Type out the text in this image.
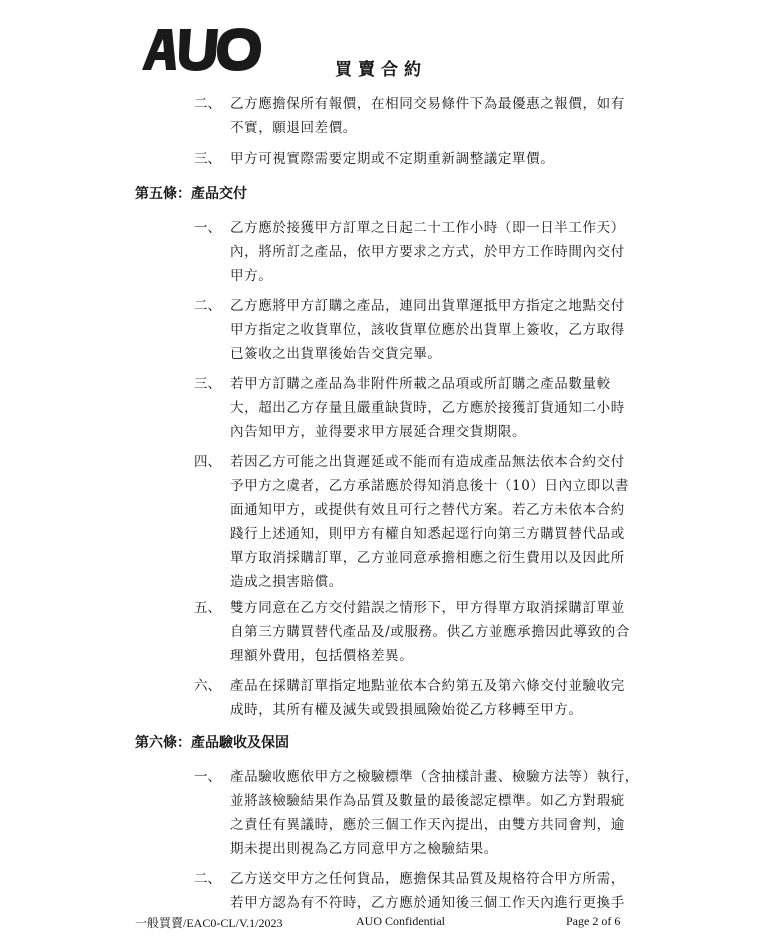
買賣合約
二、 乙方應擔保所有報價，在相同交易條件下為最優惠之報價，如有
不實，願退回差價。
三、 甲方可視實際需要定期或不定期重新調整議定單價。
第五條：產品交付
一、 乙方應於接獲甲方訂單之日起二十工作小時（即一日半工作天）
內，將所訂之產品，依甲方要求之方式，於甲方工作時間內交付
甲方。
二、 乙方應將甲方訂購之產品，連同出貨單運抵甲方指定之地點交付
甲方指定之收貨單位，該收貨單位應於出貨單上簽收，乙方取得
已簽收之出貨單後始告交貨完畢。
三、 若甲方訂購之產品為非附件所載之品項或所訂購之產品數量較
大，超出乙方存量且嚴重缺貨時，乙方應於接獲訂貨通知二小時
內告知甲方，並得要求甲方展延合理交貨期限。
四、 若因乙方可能之出貨遲延或不能而有造成產品無法依本合約交付
予甲方之虞者，乙方承諾應於得知消息後十（10）日內立即以書
面通知甲方，或提供有效且可行之替代方案。若乙方未依本合約
踐行上述通知，則甲方有權自知悉起逕行向第三方購買替代品或
單方取消採購訂單，乙方並同意承擔相應之衍生費用以及因此所
造成之損害賠償。
五、 雙方同意在乙方交付錯誤之情形下，甲方得單方取消採購訂單並
自第三方購買替代產品及/或服務。供乙方並應承擔因此導致的合
理額外費用，包括價格差異。
六、 產品在採購訂單指定地點並依本合約第五及第六條交付並驗收完
成時，其所有權及滅失或毀損風險始從乙方移轉至甲方。
第六條：產品驗收及保固
一、 產品驗收應依甲方之檢驗標準（含抽樣計畫、檢驗方法等）執行，
並將該檢驗結果作為品質及數量的最後認定標準。如乙方對瑕疵
之責任有異議時，應於三個工作天內提出，由雙方共同會判，逾
期未提出則視為乙方同意甲方之檢驗結果。
二、 乙方送交甲方之任何貨品，應擔保其品質及規格符合甲方所需，
若甲方認為有不符時，乙方應於通知後三個工作天內進行更換手
一般買賣/EAC0-CL/V.1/2023	AUO Confidential	Page 2 of 6
